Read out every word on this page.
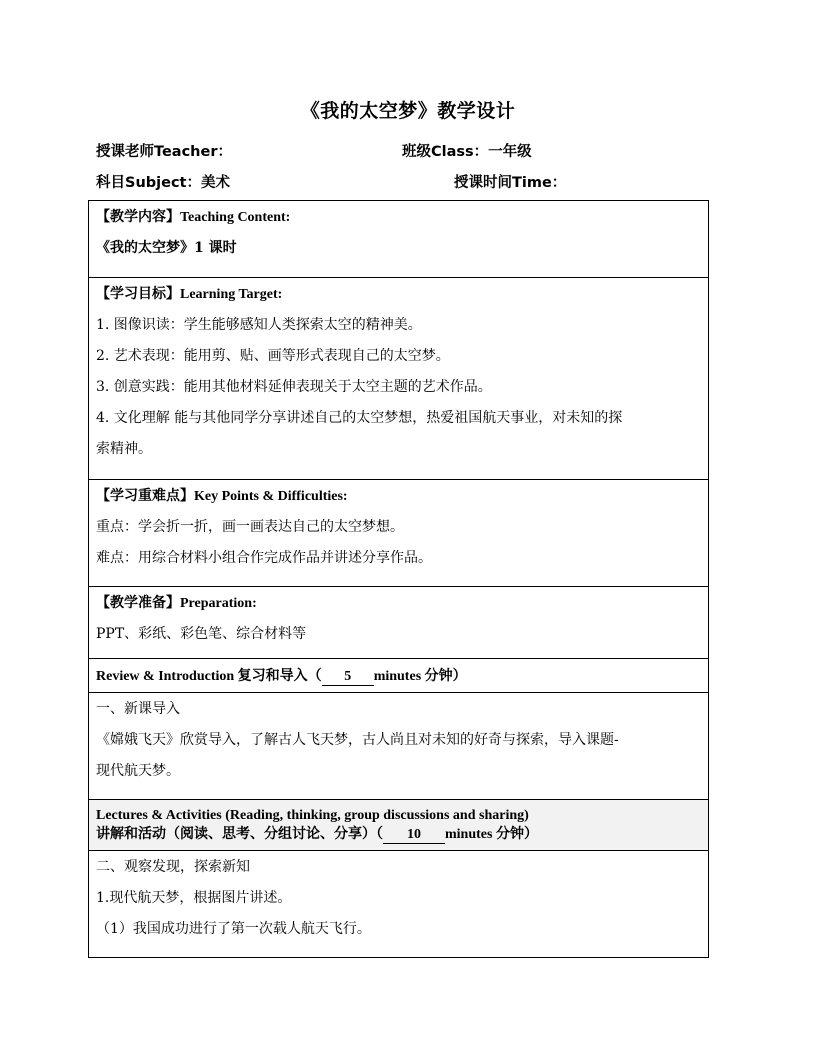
《我的太空梦》教学设计
授课老师Teacher：	班级Class：一年级
科目Subject：美术	授课时间Time：
【教学内容】Teaching Content:
《我的太空梦》1 课时

【学习目标】Learning Target:
1. 图像识读：学生能够感知人类探索太空的精神美。
2. 艺术表现：能用剪、贴、画等形式表现自己的太空梦。
3. 创意实践：能用其他材料延伸表现关于太空主题的艺术作品。
4. 文化理解 能与其他同学分享讲述自己的太空梦想，热爱祖国航天事业，对未知的探
索精神。

【学习重难点】Key Points & Difficulties:
重点：学会折一折，画一画表达自己的太空梦想。
难点：用综合材料小组合作完成作品并讲述分享作品。

【教学准备】Preparation:
PPT、彩纸、彩色笔、综合材料等

Review & Introduction 复习和导入（ 5 minutes 分钟）

一、新课导入
《嫦娥飞天》欣赏导入，了解古人飞天梦，古人尚且对未知的好奇与探索，导入课题-
现代航天梦。

Lectures & Activities (Reading, thinking, group discussions and sharing)
讲解和活动（阅读、思考、分组讨论、分享）（ 10 minutes 分钟）

二、观察发现，探索新知
1.现代航天梦，根据图片讲述。
（1）我国成功进行了第一次载人航天飞行。
